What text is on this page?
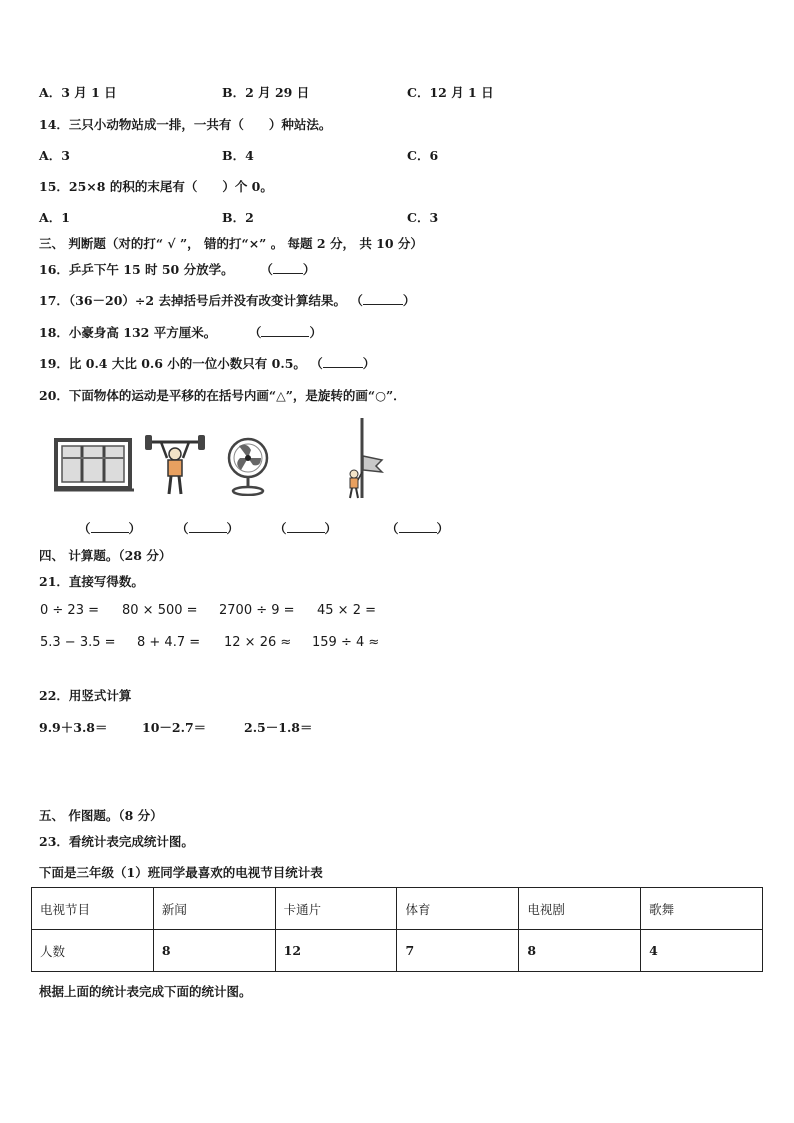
A．3 月 1 日	B．2 月 29 日	C．12 月 1 日
14．三只小动物站成一排，一共有（　　）种站法。
A．3	B．4	C．6
15．25×8 的积的末尾有（　　）个 0。
A．1	B．2	C．3
三、 判断题（对的打“ √ ”， 错的打“×” 。 每题 2 分， 共 10 分）
16．乒乒下午 15 时 50 分放学。 （ ）
17．（36－20）÷2 去掉括号后并没有改变计算结果。 （	）
18．小豪身高 132 平方厘米。	（	）
19．比 0.4 大比 0.6 小的一位小数只有 0.5。 （	）
20．下面物体的运动是平移的在括号内画“△”，是旋转的画“○”．
（	）	（	）	（	）	（	）
四、 计算题。（28 分）
21．直接写得数。
0 ÷ 23 = 80 × 500 = 2700 ÷ 9 = 45 × 2 =
5.3 − 3.5 = 8 + 4.7 = 12 × 26 ≈ 159 ÷ 4 ≈
22．用竖式计算
9.9＋3.8＝	10－2.7＝	2.5－1.8＝
五、 作图题。（8 分）
23．看统计表完成统计图。
下面是三年级（1）班同学最喜欢的电视节目统计表
电视节目	新闻	卡通片	体育	电视剧	歌舞
人数	8	12	7	8	4
根据上面的统计表完成下面的统计图。
